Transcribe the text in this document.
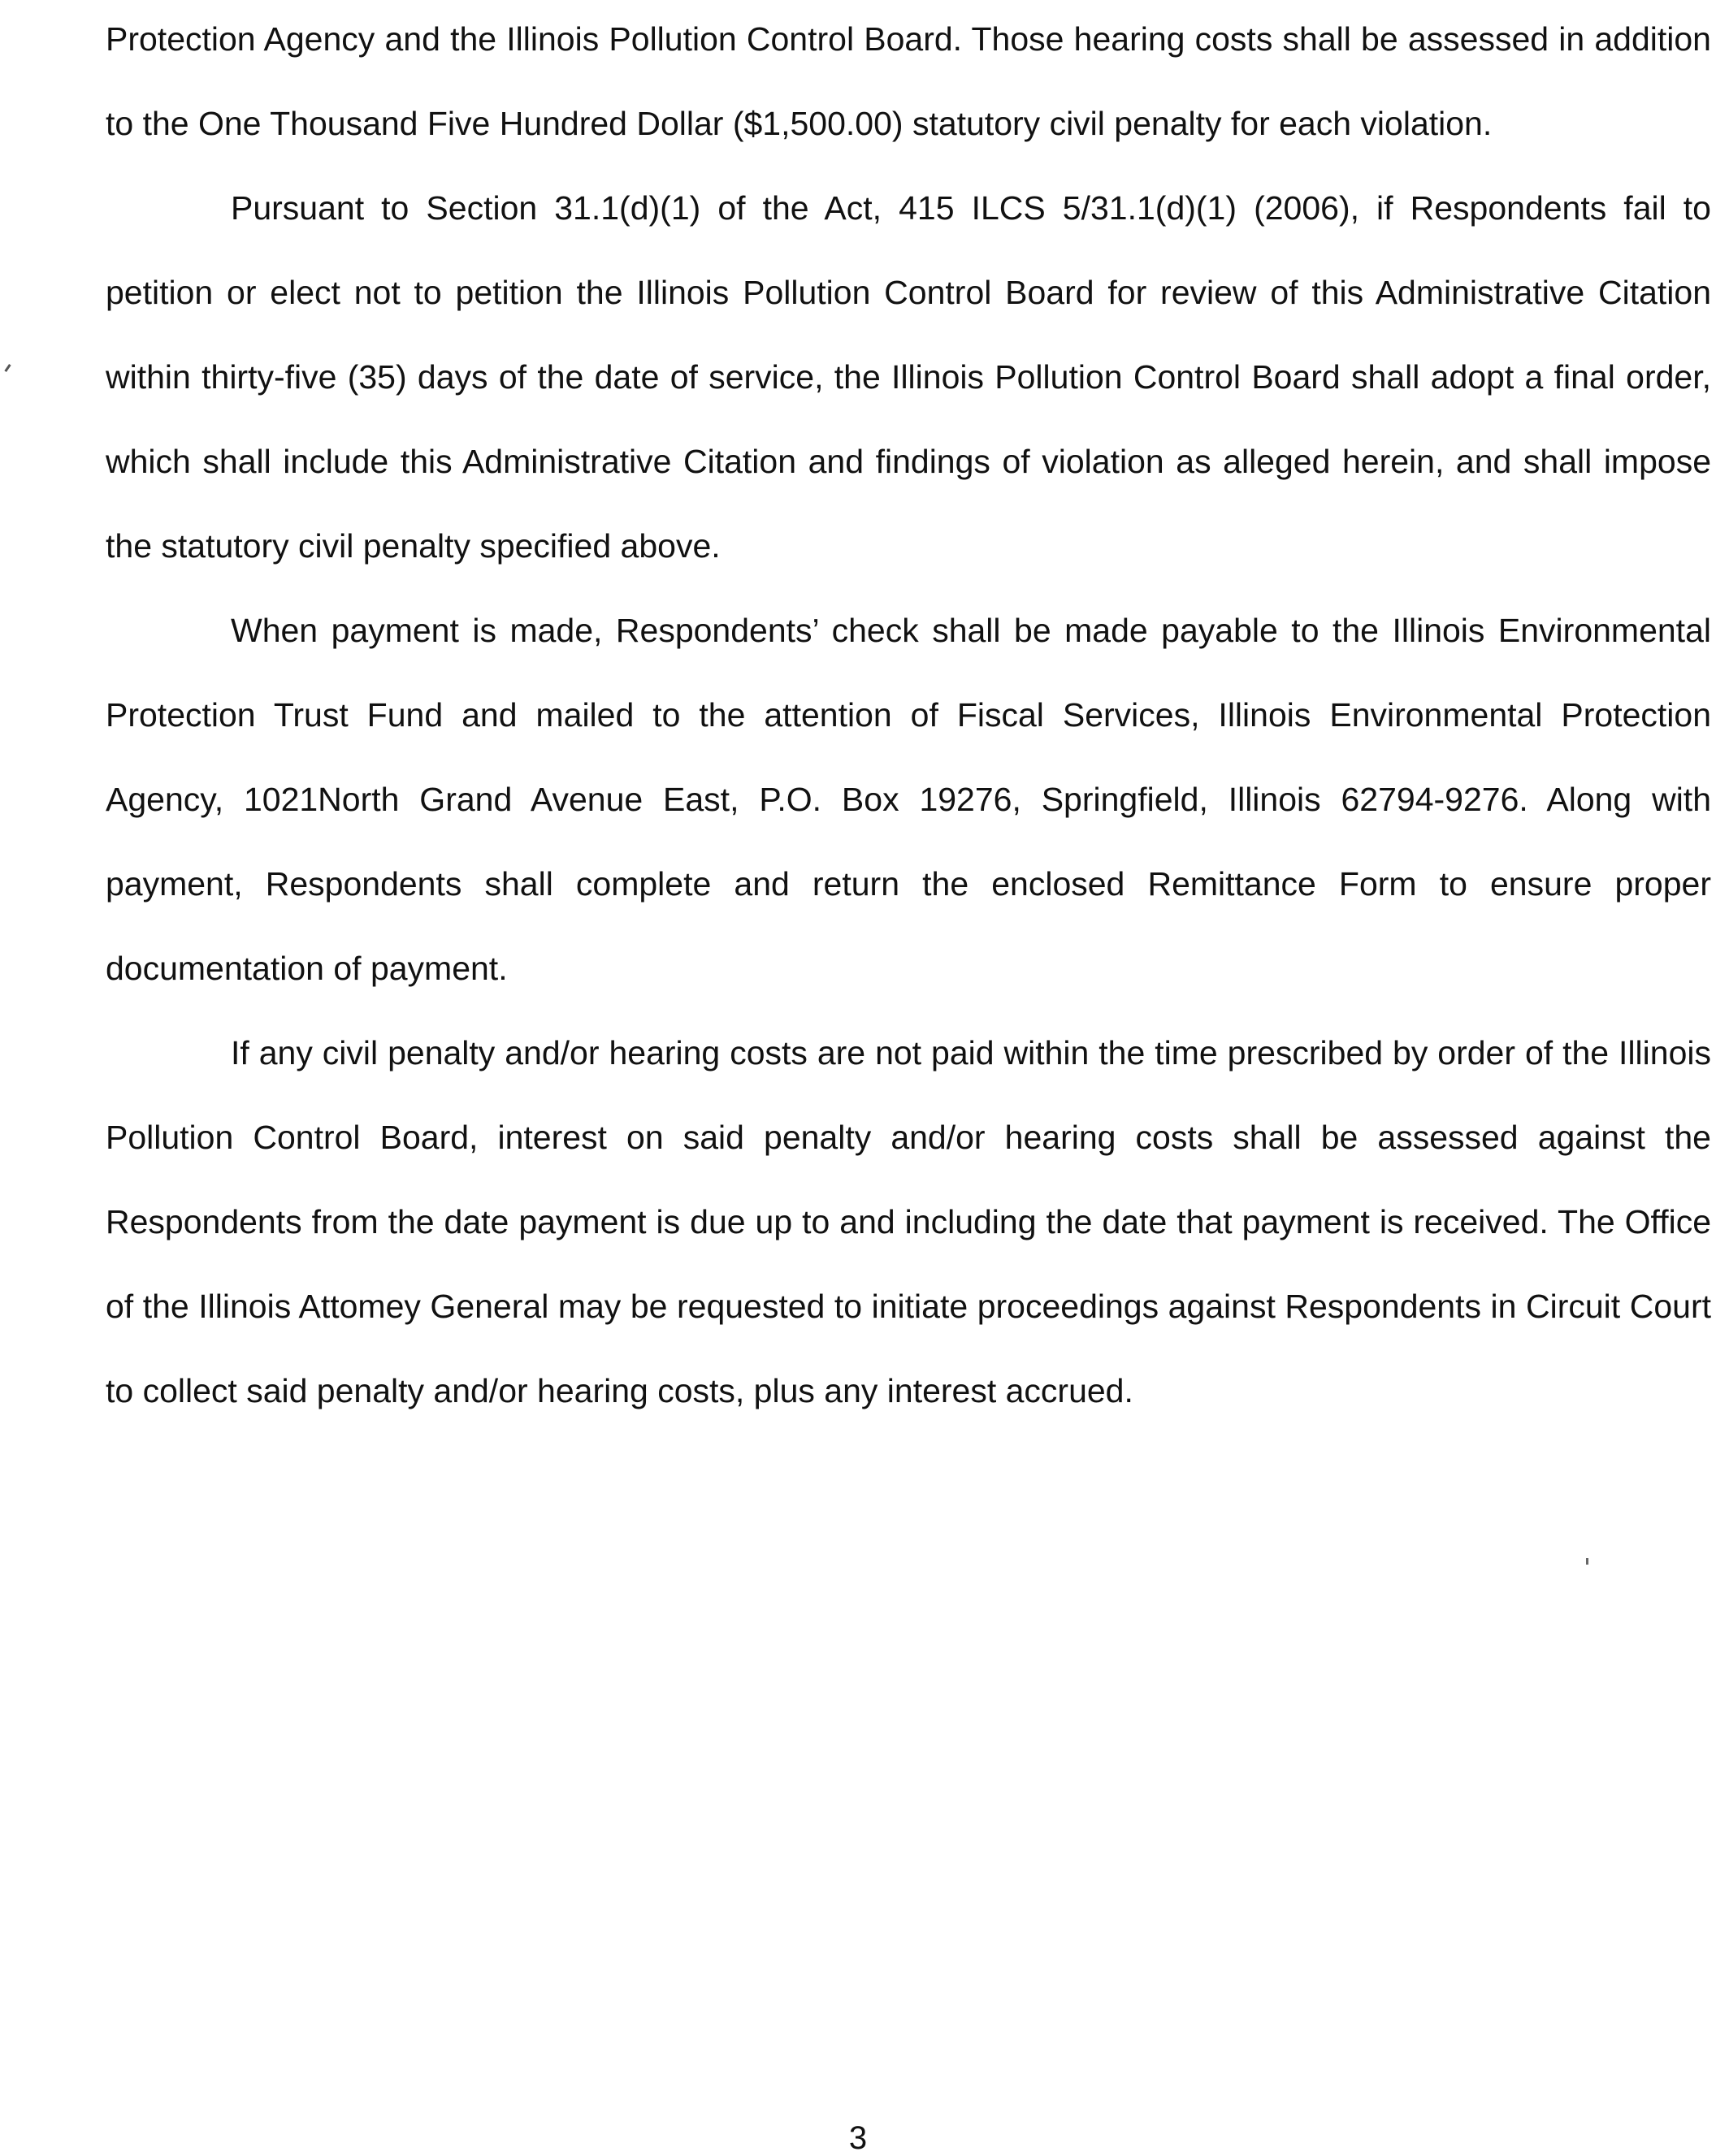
Protection Agency and the Illinois Pollution Control Board. Those hearing costs shall be assessed in addition to the One Thousand Five Hundred Dollar ($1,500.00) statutory civil penalty for each violation.

Pursuant to Section 31.1(d)(1) of the Act, 415 ILCS 5/31.1(d)(1) (2006), if Respondents fail to petition or elect not to petition the Illinois Pollution Control Board for review of this Administrative Citation within thirty-five (35) days of the date of service, the Illinois Pollution Control Board shall adopt a final order, which shall include this Administrative Citation and findings of violation as alleged herein, and shall impose the statutory civil penalty specified above.

When payment is made, Respondents’ check shall be made payable to the Illinois Environmental Protection Trust Fund and mailed to the attention of Fiscal Services, Illinois Environmental Protection Agency, 1021North Grand Avenue East, P.O. Box 19276, Springfield, Illinois 62794-9276. Along with payment, Respondents shall complete and return the enclosed Remittance Form to ensure proper documentation of payment.

If any civil penalty and/or hearing costs are not paid within the time prescribed by order of the Illinois Pollution Control Board, interest on said penalty and/or hearing costs shall be assessed against the Respondents from the date payment is due up to and including the date that payment is received. The Office of the Illinois Attomey General may be requested to initiate proceedings against Respondents in Circuit Court to collect said penalty and/or hearing costs, plus any interest accrued.

3
